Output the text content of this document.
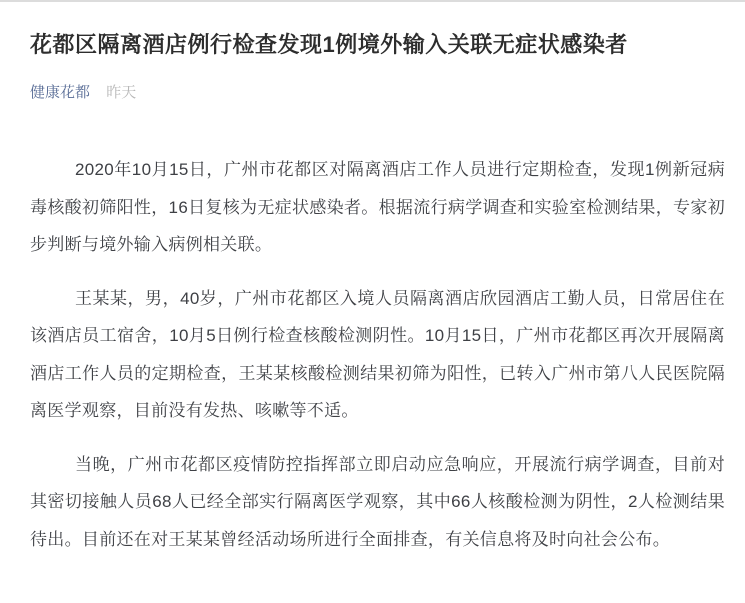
花都区隔离酒店例行检查发现1例境外输入关联无症状感染者
健康花都 昨天

2020年10月15日，广州市花都区对隔离酒店工作人员进行定期检查，发现1例新冠病毒核酸初筛阳性，16日复核为无症状感染者。根据流行病学调查和实验室检测结果，专家初步判断与境外输入病例相关联。

王某某，男，40岁，广州市花都区入境人员隔离酒店欣园酒店工勤人员，日常居住在该酒店员工宿舍，10月5日例行检查核酸检测阴性。10月15日，广州市花都区再次开展隔离酒店工作人员的定期检查，王某某核酸检测结果初筛为阳性，已转入广州市第八人民医院隔离医学观察，目前没有发热、咳嗽等不适。

当晚，广州市花都区疫情防控指挥部立即启动应急响应，开展流行病学调查，目前对其密切接触人员68人已经全部实行隔离医学观察，其中66人核酸检测为阴性，2人检测结果待出。目前还在对王某某曾经活动场所进行全面排查，有关信息将及时向社会公布。
